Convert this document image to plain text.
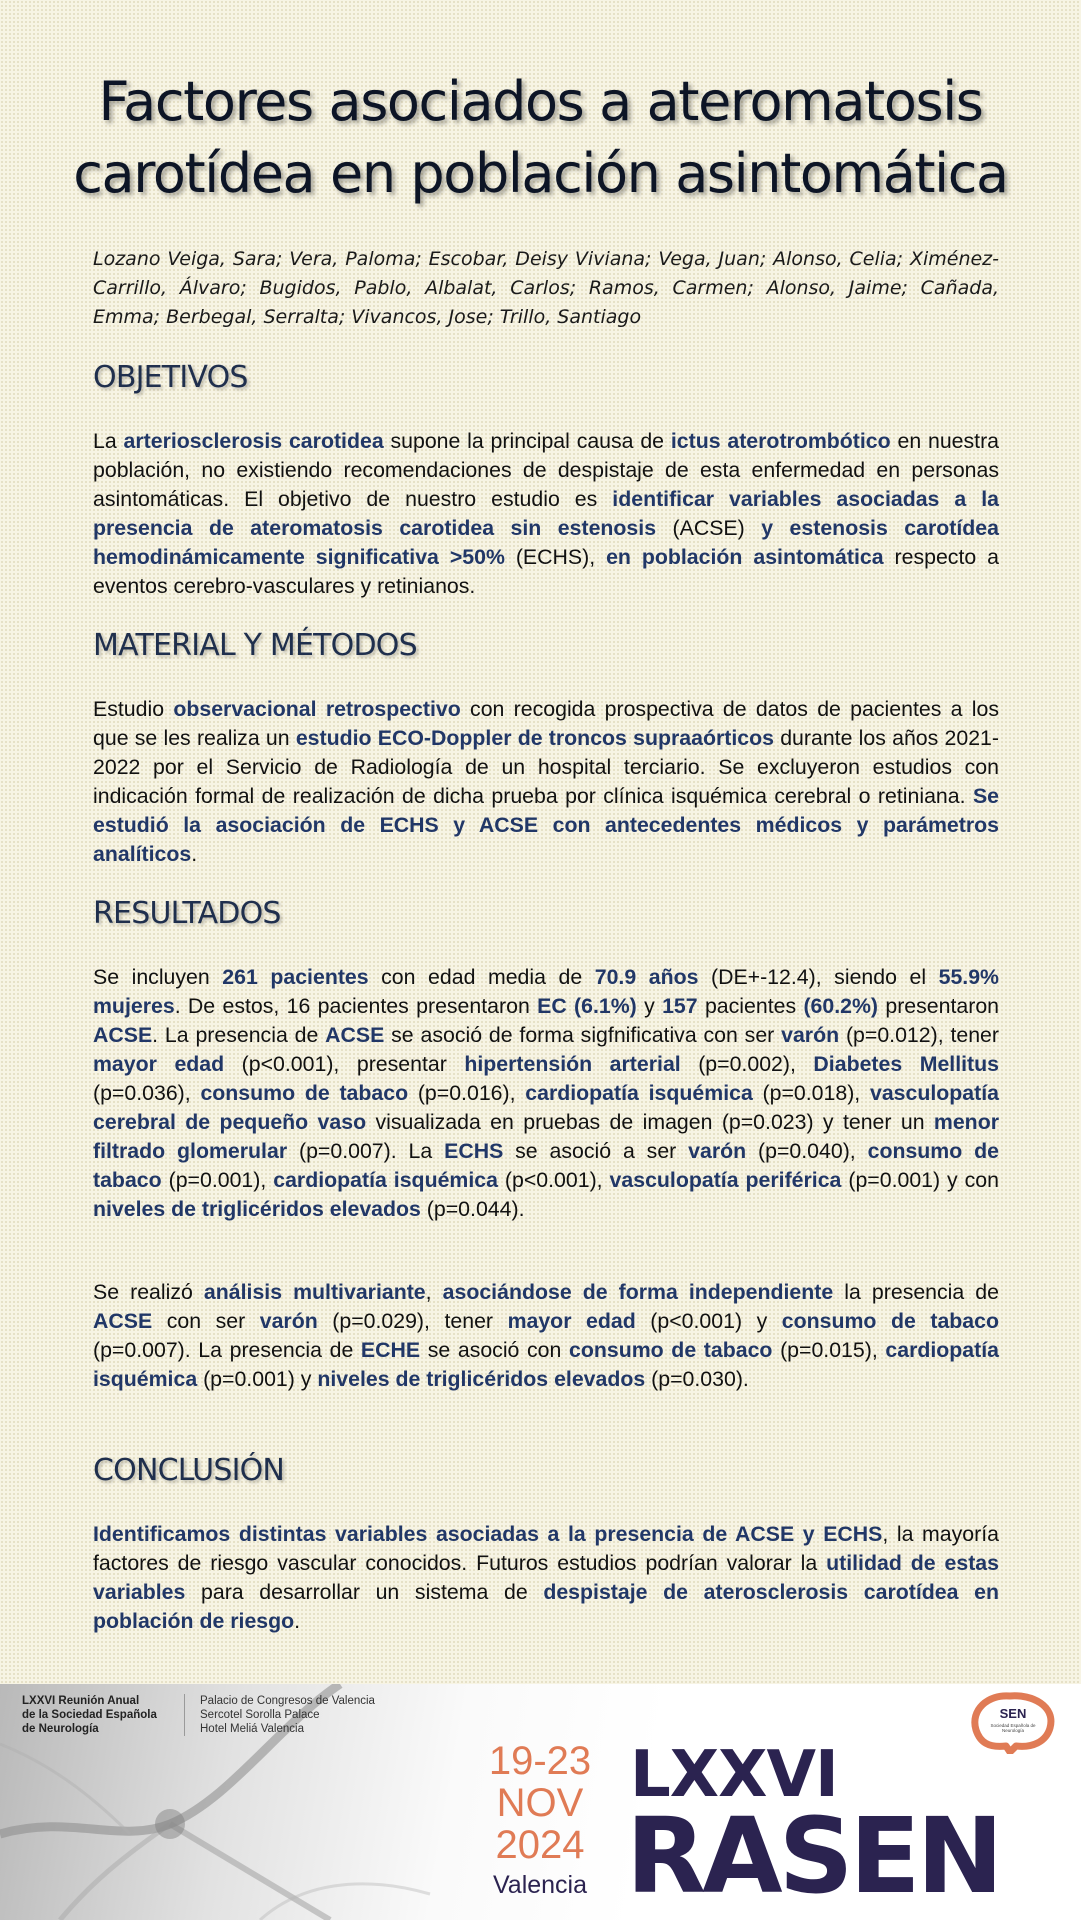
Factores asociados a ateromatosis carotídea en población asintomática

Lozano Veiga, Sara; Vera, Paloma; Escobar, Deisy Viviana; Vega, Juan; Alonso, Celia; Ximénez-Carrillo, Álvaro; Bugidos, Pablo, Albalat, Carlos; Ramos, Carmen; Alonso, Jaime; Cañada, Emma; Berbegal, Serralta; Vivancos, Jose; Trillo, Santiago

OBJETIVOS

La arteriosclerosis carotidea supone la principal causa de ictus aterotrombótico en nuestra población, no existiendo recomendaciones de despistaje de esta enfermedad en personas asintomáticas. El objetivo de nuestro estudio es identificar variables asociadas a la presencia de ateromatosis carotidea sin estenosis (ACSE) y estenosis carotídea hemodinámicamente significativa >50% (ECHS), en población asintomática respecto a eventos cerebro-vasculares y retinianos.

MATERIAL Y MÉTODOS

Estudio observacional retrospectivo con recogida prospectiva de datos de pacientes a los que se les realiza un estudio ECO-Doppler de troncos supraaórticos durante los años 2021-2022 por el Servicio de Radiología de un hospital terciario. Se excluyeron estudios con indicación formal de realización de dicha prueba por clínica isquémica cerebral o retiniana. Se estudió la asociación de ECHS y ACSE con antecedentes médicos y parámetros analíticos.

RESULTADOS

Se incluyen 261 pacientes con edad media de 70.9 años (DE+-12.4), siendo el 55.9% mujeres. De estos, 16 pacientes presentaron EC (6.1%) y 157 pacientes (60.2%) presentaron ACSE. La presencia de ACSE se asoció de forma sigfnificativa con ser varón (p=0.012), tener mayor edad (p<0.001), presentar hipertensión arterial (p=0.002), Diabetes Mellitus (p=0.036), consumo de tabaco (p=0.016), cardiopatía isquémica (p=0.018), vasculopatía cerebral de pequeño vaso visualizada en pruebas de imagen (p=0.023) y tener un menor filtrado glomerular (p=0.007). La ECHS se asoció a ser varón (p=0.040), consumo de tabaco (p=0.001), cardiopatía isquémica (p<0.001), vasculopatía periférica (p=0.001) y con niveles de triglicéridos elevados (p=0.044).

Se realizó análisis multivariante, asociándose de forma independiente la presencia de ACSE con ser varón (p=0.029), tener mayor edad (p<0.001) y consumo de tabaco (p=0.007). La presencia de ECHE se asoció con consumo de tabaco (p=0.015), cardiopatía isquémica (p=0.001) y niveles de triglicéridos elevados (p=0.030).

CONCLUSIÓN

Identificamos distintas variables asociadas a la presencia de ACSE y ECHS, la mayoría factores de riesgo vascular conocidos. Futuros estudios podrían valorar la utilidad de estas variables para desarrollar un sistema de despistaje de aterosclerosis carotídea en población de riesgo.

LXXVI Reunión Anual
de la Sociedad Española
de Neurología
Palacio de Congresos de Valencia
Sercotel Sorolla Palace
Hotel Meliá Valencia
19-23
NOV
2024
Valencia
LXXVI
RASEN
SEN
Sociedad Española de Neurología
